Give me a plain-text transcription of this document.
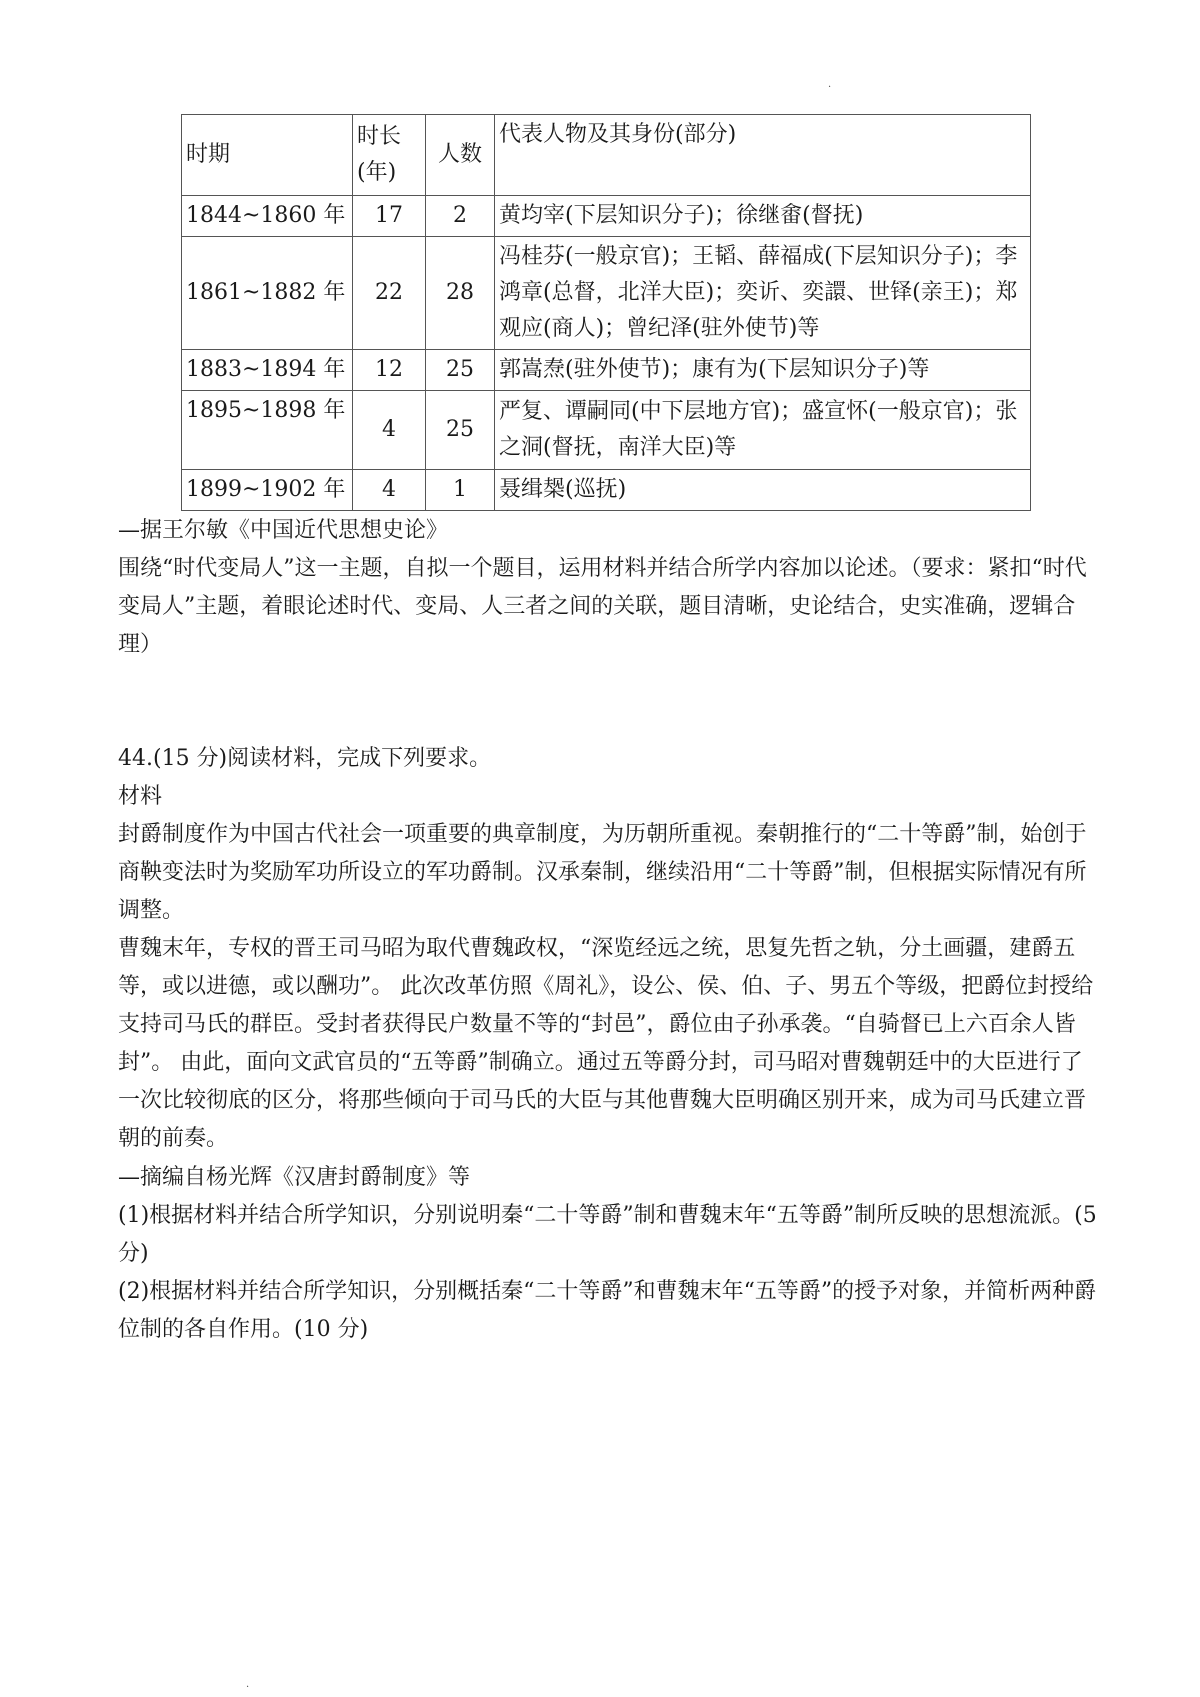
·
时期	时长(年)	人数	代表人物及其身份(部分)
1844~1860 年	17	2	黄均宰(下层知识分子)；徐继畬(督抚)
1861~1882 年	22	28	冯桂芬(一般京官)；王韬、薛福成(下层知识分子)；李鸿章(总督，北洋大臣)；奕䜣、奕譞、世铎(亲王)；郑观应(商人)；曾纪泽(驻外使节)等
1883~1894 年	12	25	郭嵩焘(驻外使节)；康有为(下层知识分子)等
1895~1898 年	4	25	严复、谭嗣同(中下层地方官)；盛宣怀(一般京官)；张之洞(督抚，南洋大臣)等
1899~1902 年	4	1	聂缉椝(巡抚)

—据王尔敏《中国近代思想史论》

围绕“时代变局人”这一主题，自拟一个题目，运用材料并结合所学内容加以论述。（要求：紧扣“时代变局人”主题，着眼论述时代、变局、人三者之间的关联，题目清晰，史论结合，史实准确，逻辑合理）

44.(15 分)阅读材料，完成下列要求。

材料

封爵制度作为中国古代社会一项重要的典章制度，为历朝所重视。秦朝推行的“二十等爵”制，始创于商鞅变法时为奖励军功所设立的军功爵制。汉承秦制，继续沿用“二十等爵”制，但根据实际情况有所调整。

曹魏末年，专权的晋王司马昭为取代曹魏政权，“深览经远之统，思复先哲之轨，分土画疆，建爵五等，或以进德，或以酬功”。 此次改革仿照《周礼》，设公、侯、伯、子、男五个等级，把爵位封授给支持司马氏的群臣。受封者获得民户数量不等的“封邑”，爵位由子孙承袭。“自骑督已上六百余人皆封”。 由此，面向文武官员的“五等爵”制确立。通过五等爵分封，司马昭对曹魏朝廷中的大臣进行了一次比较彻底的区分，将那些倾向于司马氏的大臣与其他曹魏大臣明确区别开来，成为司马氏建立晋朝的前奏。

—摘编自杨光辉《汉唐封爵制度》等

(1)根据材料并结合所学知识，分别说明秦“二十等爵”制和曹魏末年“五等爵”制所反映的思想流派。(5 分)

(2)根据材料并结合所学知识，分别概括秦“二十等爵”和曹魏末年“五等爵”的授予对象，并简析两种爵位制的各自作用。(10 分)

·
